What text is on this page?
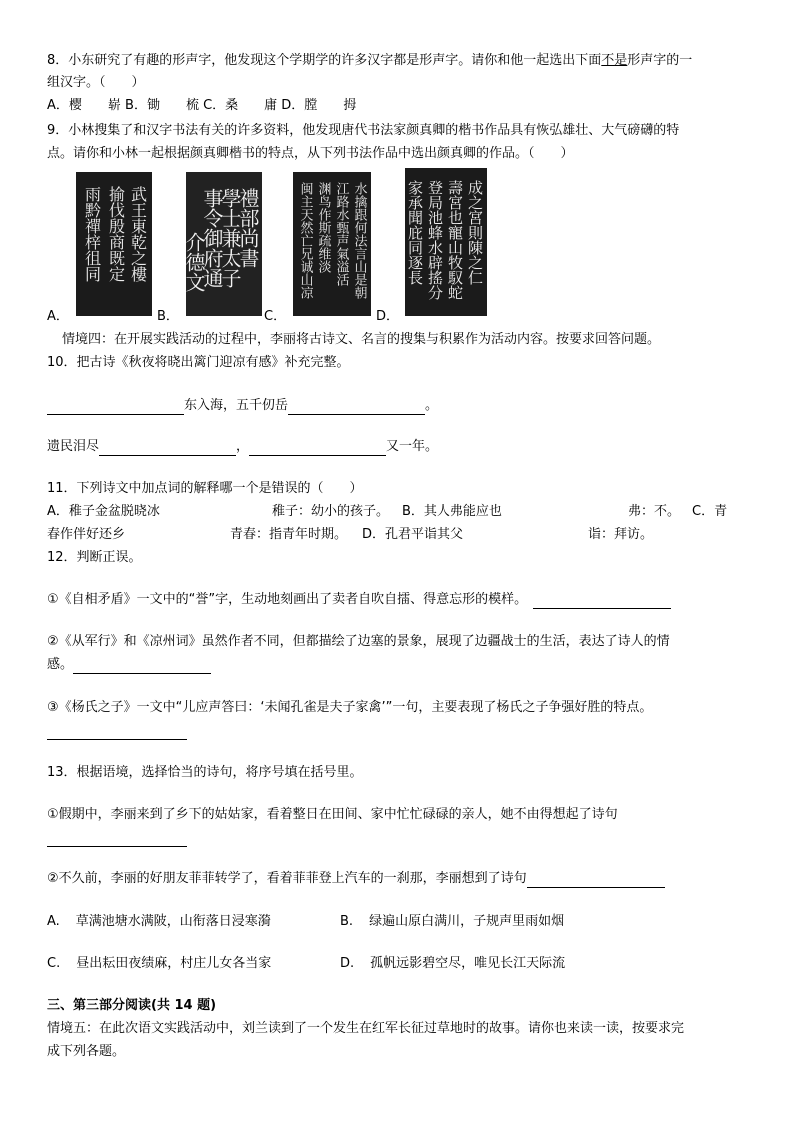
8．小东研究了有趣的形声字，他发现这个学期学的许多汉字都是形声字。请你和他一起选出下面不是形声字的一
组汉字。（　　）
A．樱　　崭 B．锄　　梳 C．桑　　庸 D．膛　　拇
9．小林搜集了和汉字书法有关的许多资料，他发现唐代书法家颜真卿的楷书作品具有恢弘雄壮、大气磅礴的特
点。请你和小林一起根据颜真卿楷书的特点，从下列书法作品中选出颜真卿的作品。（　　）
武王東乾之樓
揄伐殷商既定
雨黔禪梓徂同	禮部尚書
學士兼太子
事令御府通
介德文	水擒跟何法言山是朝
江路水甄声氣溢活
渊鸟作斯疏维淡
闽主天然亡兄诚山凉	成之宮則陳之仁
壽宮也寵山牧馭蛇
登局池蜂水辟搖分
家承聞庇同逐長
A．	B．	C．	D．
情境四：在开展实践活动的过程中，李丽将古诗文、名言的搜集与积累作为活动内容。按要求回答问题。
10．把古诗《秋夜将晓出篱门迎凉有感》补充完整。
东入海，五千仞岳	。
遗民泪尽	，	又一年。
11．下列诗文中加点词的解释哪一个是错误的（　　）
A．稚子金盆脱晓冰	稚子：幼小的孩子。 B．其人弗能应也	弗：不。 C．青
春作伴好还乡	青春：指青年时期。 D．孔君平诣其父	诣：拜访。
12．判断正误。
①《自相矛盾》一文中的“誉”字，生动地刻画出了卖者自吹自擂、得意忘形的模样。
②《从军行》和《凉州词》虽然作者不同，但都描绘了边塞的景象，展现了边疆战士的生活，表达了诗人的情
感。
③《杨氏之子》一文中“儿应声答曰：‘未闻孔雀是夫子家禽’”一句，主要表现了杨氏之子争强好胜的特点。
13．根据语境，选择恰当的诗句，将序号填在括号里。
①假期中，李丽来到了乡下的姑姑家，看着整日在田间、家中忙忙碌碌的亲人，她不由得想起了诗句
②不久前，李丽的好朋友菲菲转学了，看着菲菲登上汽车的一刹那，李丽想到了诗句
A. 草满池塘水满陂，山衔落日浸寒漪	B. 绿遍山原白满川，子规声里雨如烟
C. 昼出耘田夜绩麻，村庄儿女各当家	D. 孤帆远影碧空尽，唯见长江天际流
三、第三部分阅读(共 14 题)
情境五：在此次语文实践活动中，刘兰读到了一个发生在红军长征过草地时的故事。请你也来读一读，按要求完
成下列各题。
